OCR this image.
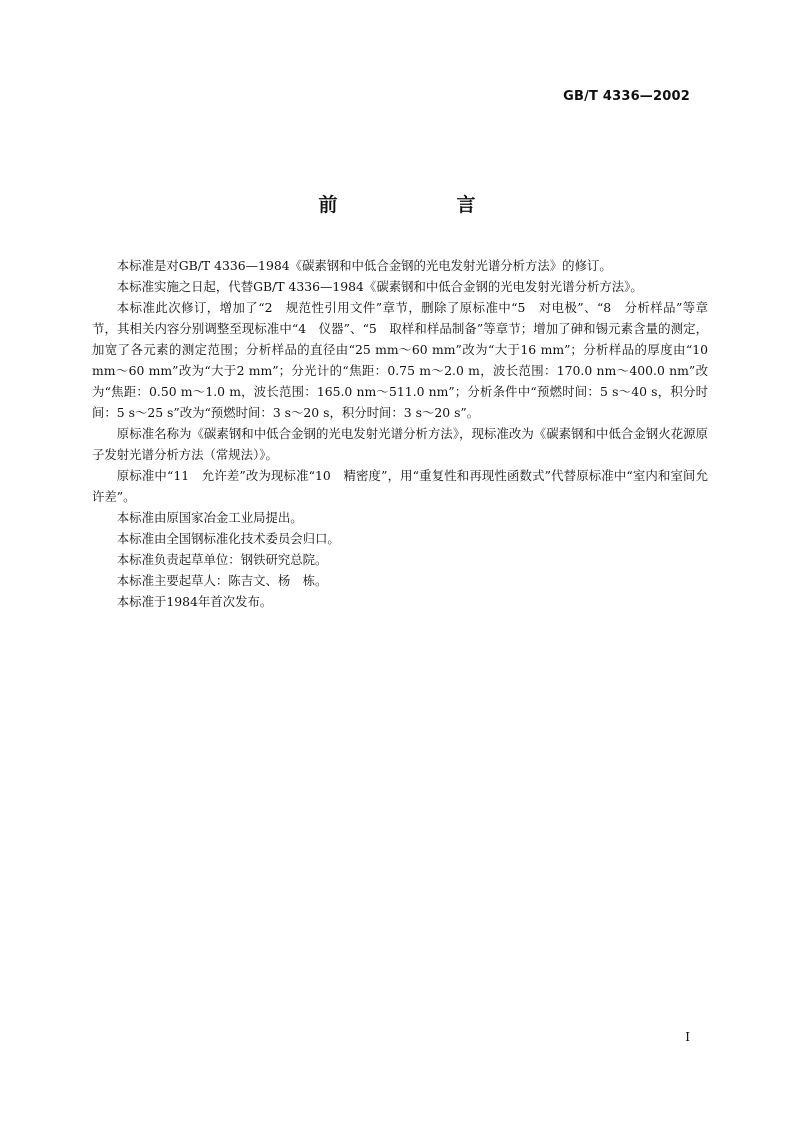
GB/T 4336—2002
前　言

本标准是对GB/T 4336—1984《碳素钢和中低合金钢的光电发射光谱分析方法》的修订。

本标准实施之日起，代替GB/T 4336—1984《碳素钢和中低合金钢的光电发射光谱分析方法》。

本标准此次修订，增加了“2　规范性引用文件”章节，删除了原标准中“5　对电极”、“8　分析样品”等章节，其相关内容分别调整至现标准中“4　仪器”、“5　取样和样品制备”等章节；增加了砷和锡元素含量的测定，加宽了各元素的测定范围；分析样品的直径由“25 mm～60 mm”改为“大于16 mm”；分析样品的厚度由“10 mm～60 mm”改为“大于2 mm”；分光计的“焦距：0.75 m～2.0 m，波长范围：170.0 nm～400.0 nm”改为“焦距：0.50 m～1.0 m，波长范围：165.0 nm～511.0 nm”；分析条件中“预燃时间：5 s～40 s，积分时间：5 s～25 s”改为“预燃时间：3 s～20 s，积分时间：3 s～20 s”。

原标准名称为《碳素钢和中低合金钢的光电发射光谱分析方法》，现标准改为《碳素钢和中低合金钢火花源原子发射光谱分析方法（常规法）》。

原标准中“11　允许差”改为现标准“10　精密度”，用“重复性和再现性函数式”代替原标准中“室内和室间允许差”。

本标准由原国家冶金工业局提出。

本标准由全国钢标准化技术委员会归口。

本标准负责起草单位：钢铁研究总院。

本标准主要起草人：陈吉文、杨　栋。

本标准于1984年首次发布。

I
